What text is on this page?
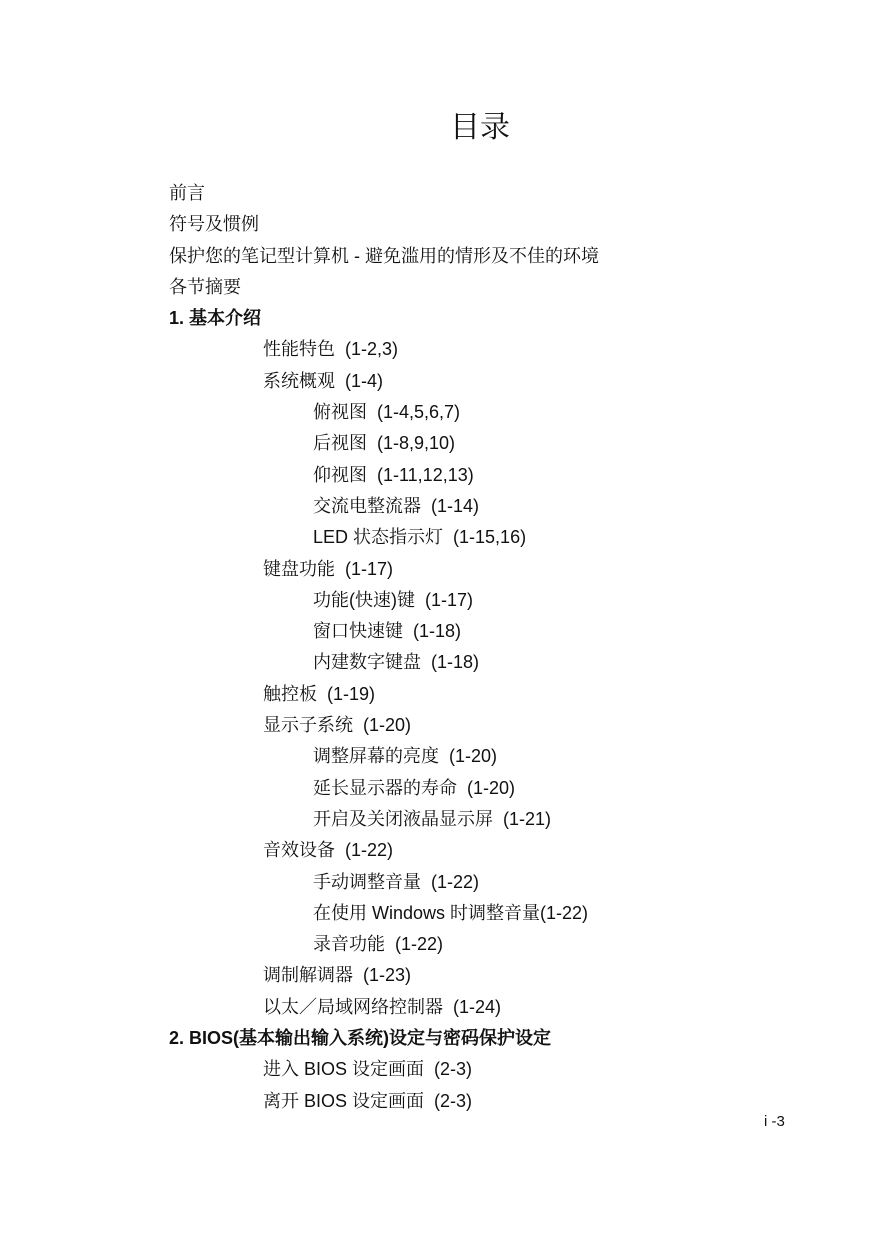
目录
前言
符号及惯例
保护您的笔记型计算机 - 避免滥用的情形及不佳的环境
各节摘要
1. 基本介绍
性能特色 (1-2,3)
系统概观 (1-4)
俯视图 (1-4,5,6,7)
后视图 (1-8,9,10)
仰视图 (1-11,12,13)
交流电整流器 (1-14)
LED 状态指示灯 (1-15,16)
键盘功能 (1-17)
功能(快速)键 (1-17)
窗口快速键 (1-18)
内建数字键盘 (1-18)
触控板 (1-19)
显示子系统 (1-20)
调整屏幕的亮度 (1-20)
延长显示器的寿命 (1-20)
开启及关闭液晶显示屏 (1-21)
音效设备 (1-22)
手动调整音量 (1-22)
在使用 Windows 时调整音量(1-22)
录音功能 (1-22)
调制解调器 (1-23)
以太／局域网络控制器 (1-24)
2. BIOS(基本输出输入系统)设定与密码保护设定
进入 BIOS 设定画面 (2-3)
离开 BIOS 设定画面 (2-3)
i -3
